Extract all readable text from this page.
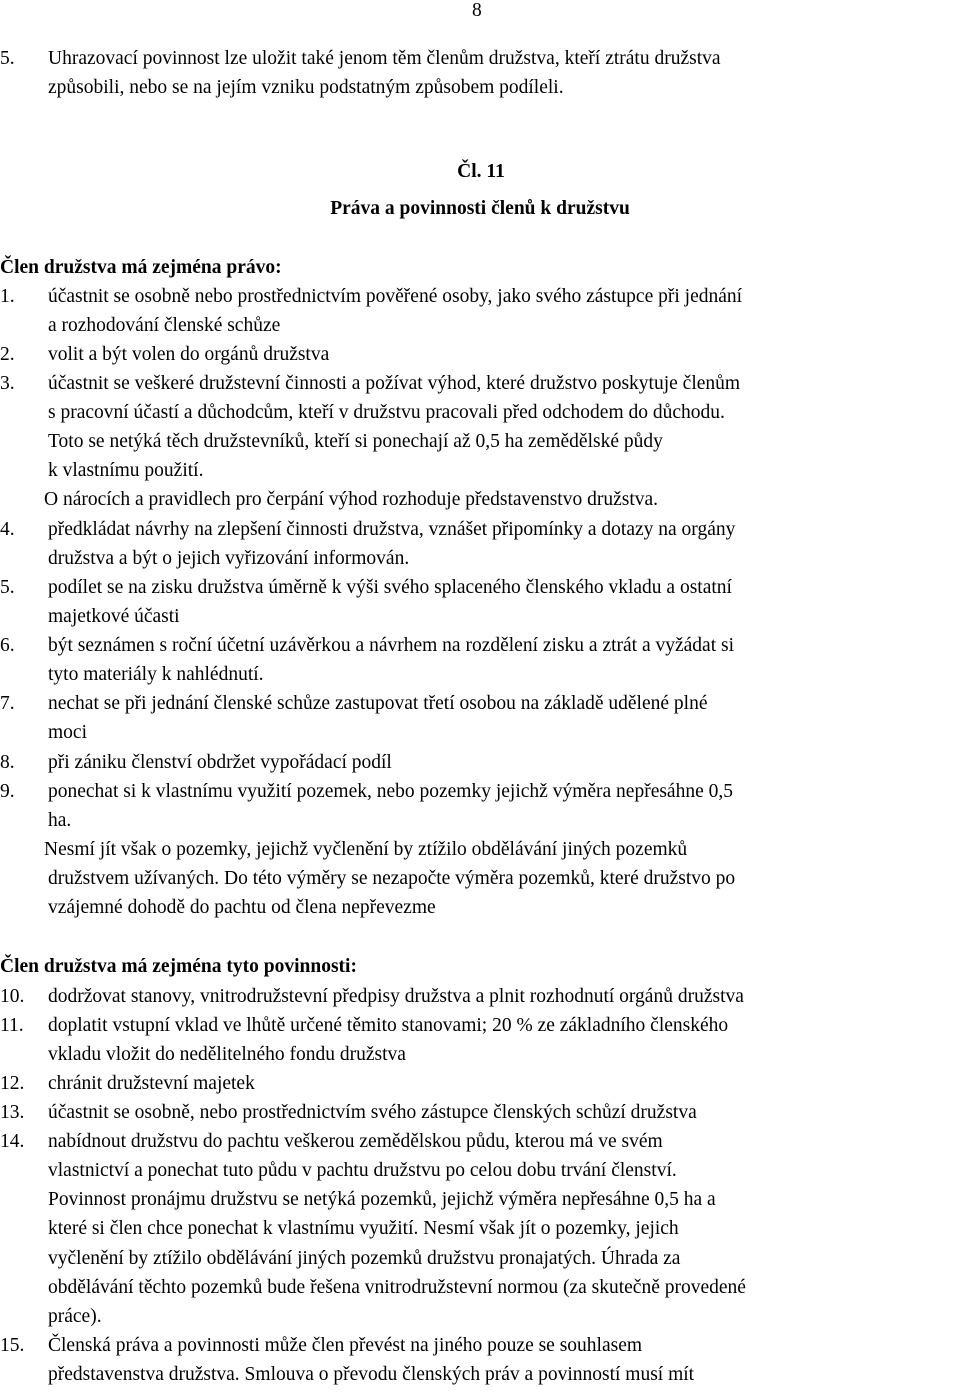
8
5. Uhrazovací povinnost lze uložit také jenom těm členům družstva, kteří ztrátu družstva
způsobili, nebo se na jejím vzniku podstatným způsobem podíleli.
Čl. 11
Práva a povinnosti členů k družstvu
Člen družstva má zejména právo:
1. účastnit se osobně nebo prostřednictvím pověřené osoby, jako svého zástupce při jednání
a rozhodování členské schůze
2. volit a být volen do orgánů družstva
3. účastnit se veškeré družstevní činnosti a požívat výhod, které družstvo poskytuje členům
s pracovní účastí a důchodcům, kteří v družstvu pracovali před odchodem do důchodu.
Toto se netýká těch družstevníků, kteří si ponechají až 0,5 ha zemědělské půdy
k vlastnímu použití.
O nárocích a pravidlech pro čerpání výhod rozhoduje představenstvo družstva.
4. předkládat návrhy na zlepšení činnosti družstva, vznášet připomínky a dotazy na orgány
družstva a být o jejich vyřizování informován.
5. podílet se na zisku družstva úměrně k výši svého splaceného členského vkladu a ostatní
majetkové účasti
6. být seznámen s roční účetní uzávěrkou a návrhem na rozdělení zisku a ztrát a vyžádat si
tyto materiály k nahlédnutí.
7. nechat se při jednání členské schůze zastupovat třetí osobou na základě udělené plné
moci
8. při zániku členství obdržet vypořádací podíl
9. ponechat si k vlastnímu využití pozemek, nebo pozemky jejichž výměra nepřesáhne 0,5
ha.
Nesmí jít však o pozemky, jejichž vyčlenění by ztížilo obdělávání jiných pozemků
družstvem užívaných. Do této výměry se nezapočte výměra pozemků, které družstvo po
vzájemné dohodě do pachtu od člena nepřevezme
Člen družstva má zejména tyto povinnosti:
10. dodržovat stanovy, vnitrodružstevní předpisy družstva a plnit rozhodnutí orgánů družstva
11. doplatit vstupní vklad ve lhůtě určené těmito stanovami; 20 % ze základního členského
vkladu vložit do nedělitelného fondu družstva
12. chránit družstevní majetek
13. účastnit se osobně, nebo prostřednictvím svého zástupce členských schůzí družstva
14. nabídnout družstvu do pachtu veškerou zemědělskou půdu, kterou má ve svém
vlastnictví a ponechat tuto půdu v pachtu družstvu po celou dobu trvání členství.
Povinnost pronájmu družstvu se netýká pozemků, jejichž výměra nepřesáhne 0,5 ha a
které si člen chce ponechat k vlastnímu využití. Nesmí však jít o pozemky, jejich
vyčlenění by ztížilo obdělávání jiných pozemků družstvu pronajatých. Úhrada za
obdělávání těchto pozemků bude řešena vnitrodružstevní normou (za skutečně provedené
práce).
15. Členská práva a povinnosti může člen převést na jiného pouze se souhlasem
představenstva družstva. Smlouva o převodu členských práv a povinností musí mít
